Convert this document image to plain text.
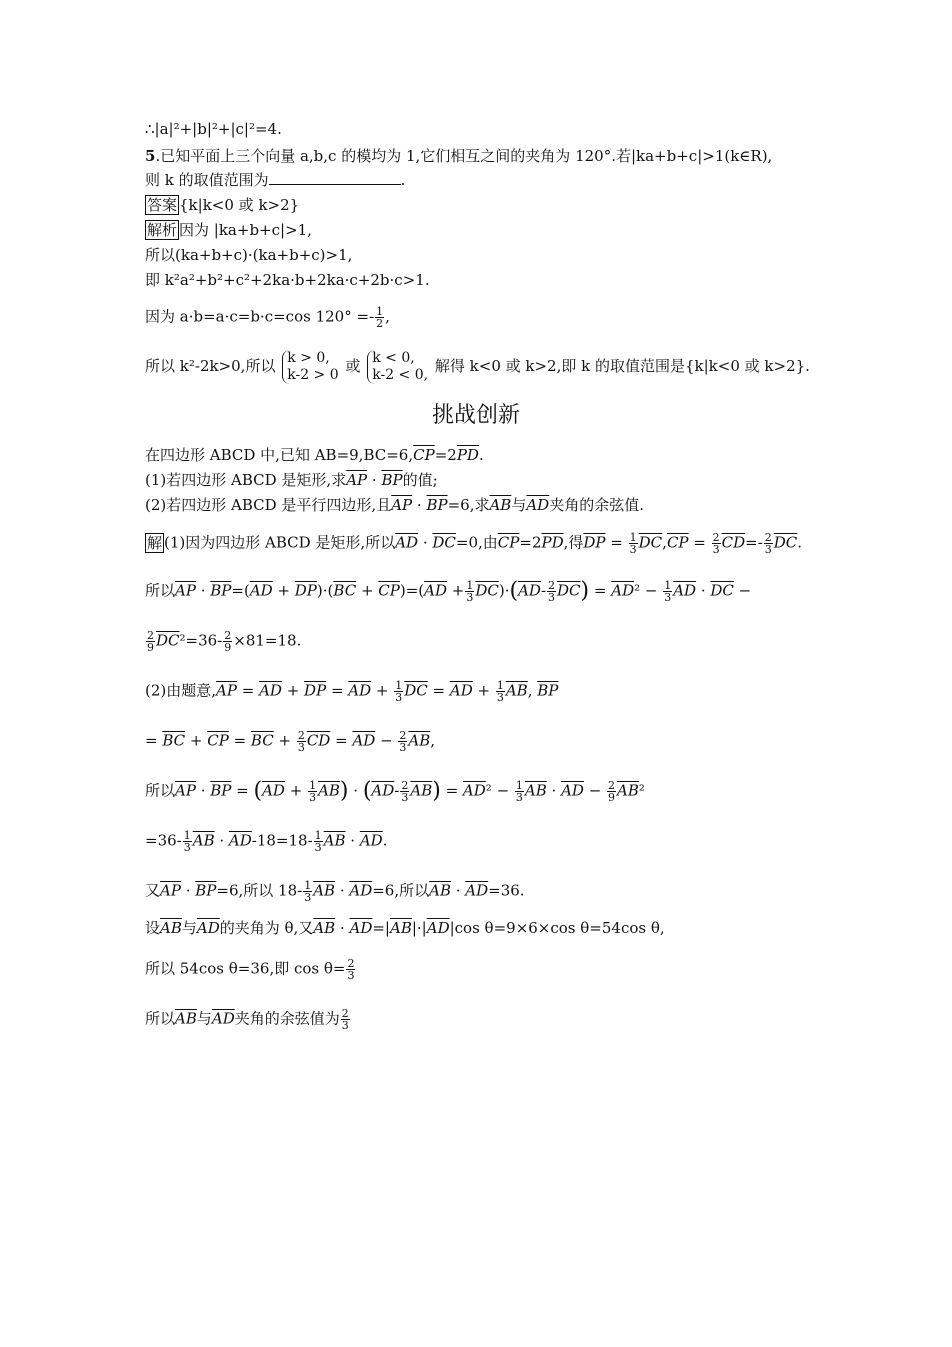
∴|a|²+|b|²+|c|²=4.
5.已知平面上三个向量 a,b,c 的模均为 1,它们相互之间的夹角为 120°.若|ka+b+c|>1(k∈R),
则 k 的取值范围为	.
答案 {k|k<0 或 k>2}
解析 因为 |ka+b+c|>1,
所以(ka+b+c)·(ka+b+c)>1,
即 k²a²+b²+c²+2ka·b+2ka·c+2b·c>1.
因为 a·b=a·c=b·c=cos $120^\circ =- \frac{1}{2}$ ,
所以 k²-2k>0,所以 k > 0,
k-2 > 0 或 k < 0,
k-2 < 0, 解得 k<0 或 k>2,即 k 的取值范围是{k|k<0 或 k>2}.
挑战创新
在四边形 ABCD 中,已知 $AB=9,BC=6,\overline{CP}=2\overline{PD}$.
(1)若四边形 ABCD 是矩形,求$\overline{AP} \cdot \overline{BP}$的值;
(2)若四边形 ABCD 是平行四边形,且$\overline{AP} \cdot \overline{BP}=6$,求$\overline{AB}$与$\overline{AD}$夹角的余弦值.
解 (1)因为四边形 ABCD 是矩形,所以$\overline{AD} \cdot \overline{DC}=0$,由$\overline{CP}=2\overline{PD}$,得$\overline{DP} = \frac{1}{3} \overline{DC},\overline{CP} = \frac{2}{3} \overline{CD}=- \frac{2}{3} \overline{DC}$.
所以$\overline{AP} \cdot \overline{BP}=(\overline{AD} + \overline{DP})\cdot(\overline{BC} + \overline{CP})=(\overline{AD} + \frac{1}{3} \overline{DC})\cdot(\overline{AD}- \frac{2}{3} \overline{DC}) = \overline{AD}^2 - \frac{1}{3} \overline{AD} \cdot \overline{DC}$ −
$\frac{2}{9} \overline{DC}^2=36- \frac{2}{9} \times 81=18$.
(2)由题意$,\overline{AP} = \overline{AD} + \overline{DP} = \overline{AD} + \frac{1}{3} \overline{DC} = \overline{AD} + \frac{1}{3} \overline{AB}$, $\overline{BP}$
= $\overline{BC} + \overline{CP} = \overline{BC} + \frac{2}{3} \overline{CD} = \overline{AD} - \frac{2}{3} \overline{AB}$,
所以$\overline{AP} \cdot \overline{BP} = (\overline{AD} + \frac{1}{3} \overline{AB}) \cdot (\overline{AD}- \frac{2}{3} \overline{AB}) = \overline{AD}^2 - \frac{1}{3} \overline{AB} \cdot \overline{AD} - \frac{2}{9} \overline{AB}^2$
$=36- \frac{1}{3} \overline{AB} \cdot \overline{AD}-18=18- \frac{1}{3} \overline{AB} \cdot \overline{AD}$.
又$\overline{AP} \cdot \overline{BP}=6$,所以 $18- \frac{1}{3} \overline{AB} \cdot \overline{AD}=6$,所以$\overline{AB} \cdot \overline{AD}=36$.
设$\overline{AB}$与$\overline{AD}$的夹角为 θ,又$\overline{AB} \cdot \overline{AD}=|\overline{AB}|\cdot|\overline{AD}|\cos$ θ=9×6×cos θ=54cos θ,
所以 54cos θ=36,即 $\cos \theta= \frac{2}{3}$
所以$\overline{AB}$与$\overline{AD}$夹角的余弦值为 $\frac{2}{3}$
